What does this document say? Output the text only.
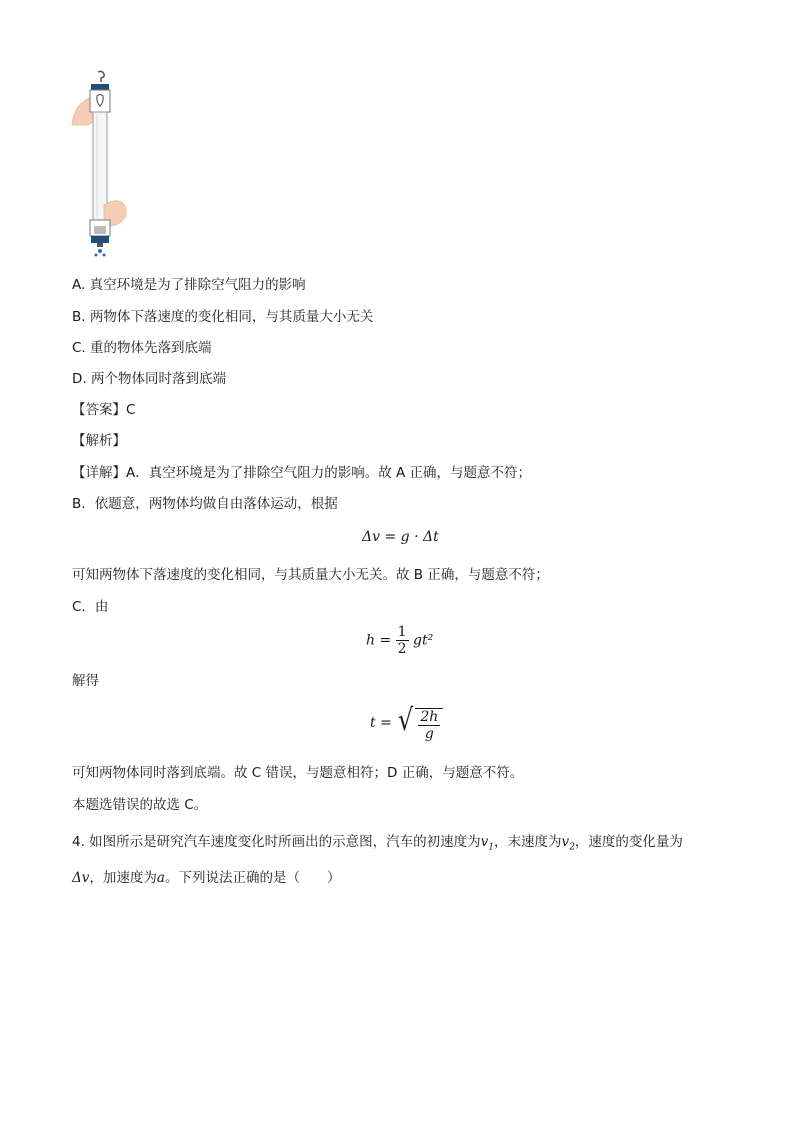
A. 真空环境是为了排除空气阻力的影响
B. 两物体下落速度的变化相同，与其质量大小无关
C. 重的物体先落到底端
D. 两个物体同时落到底端
【答案】C
【解析】
【详解】A．真空环境是为了排除空气阻力的影响。故 A 正确，与题意不符；
B．依题意，两物体均做自由落体运动，根据
Δv = g · Δt
可知两物体下落速度的变化相同，与其质量大小无关。故 B 正确，与题意不符；
C．由
$h = \frac{1}{2} gt^2$
解得
t = √ $\frac{2h}{g}$
可知两物体同时落到底端。故 C 错误，与题意相符；D 正确，与题意不符。
本题选错误的故选 C。
4. 如图所示是研究汽车速度变化时所画出的示意图，汽车的初速度为$v_1$，末速度为$v_2$，速度的变化量为
Δv，加速度为a。下列说法正确的是（　　）
